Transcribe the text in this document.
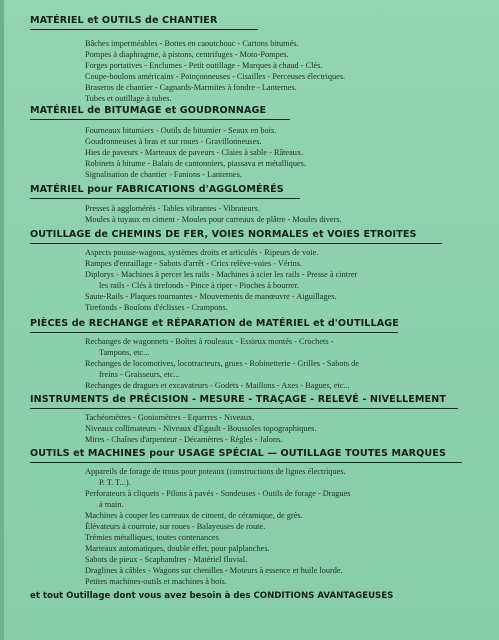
MATÉRIEL et OUTILS de CHANTIER
Bâches imperméables - Bottes en caoutchouc - Cartons bitumés.
Pompes à diaphragme, à pistons, centrifuges - Moto-Pompes.
Forges portatives - Enclumes - Petit outillage - Marques à chaud - Clés.
Coupe-boulons américains - Poinçonneuses - Cisailles - Perceuses électriques.
Braseros de chantier - Cagnards-Marmites à fondre - Lanternes.
Tubes et outillage à tubes.
MATÉRIEL de BITUMAGE et GOUDRONNAGE
Fourneaux bitumiers - Outils de bitumier - Seaux en bois.
Goudronneuses à bras et sur roues - Gravillonneuses.
Hies de paveurs - Marteaux de paveurs - Claies à sable - Râteaux.
Robinets à bitume - Balais de cantonniers, piassava et métalliques.
Signalisation de chantier - Fanions - Lanternes.
MATÉRIEL pour FABRICATIONS d'AGGLOMÉRÉS
Presses à agglomérés - Tables vibrantes - Vibrateurs.
Moules à tuyaux en ciment - Moules pour carreaux de plâtre - Moules divers.
OUTILLAGE de CHEMINS DE FER, VOIES NORMALES et VOIES ETROITES
Aspects pousse-wagons, systèmes droits et articulés - Ripeurs de voie.
Rampes d'enraillage - Sabots d'arrêt - Crics relève-voies - Vérins.
Diplorys - Machines à percer les rails - Machines à scier les rails - Presse à cintrer
les rails - Clés à tirefonds - Pince à riper - Pioches à bourrer.
Saute-Rails - Plaques tournantes - Mouvements de manœuvre - Aiguillages.
Tirefonds - Boulons d'éclisses - Crampons.
PIÈCES de RECHANGE et RÉPARATION de MATÉRIEL et d'OUTILLAGE
Rechanges de wagonnets - Boîtes à rouleaux - Essieux montés - Crochets -
Tampons, etc...
Rechanges de locomotives, locotracteurs, grues - Robinetterie - Grilles - Sabots de
freins - Graisseurs, etc...
Rechanges de dragues et excavateurs - Godets - Maillons - Axes - Bagues, etc...
INSTRUMENTS de PRÉCISION - MESURE - TRAÇAGE - RELEVÉ - NIVELLEMENT
Tachéomètres - Goniomètres - Equerres - Niveaux.
Niveaux collimateurs - Niveaux d'Egault - Boussoles topographiques.
Mires - Chaînes d'arpenteur - Décamètres - Règles - Jalons.
OUTILS et MACHINES pour USAGE SPÉCIAL — OUTILLAGE TOUTES MARQUES
Appareils de forage de trous pour poteaux (constructions de lignes électriques.
P. T. T...).
Perforateurs à cliquets - Pilons à pavés - Sondeuses - Outils de forage - Dragues
à main.
Machines à couper les carreaux de ciment, de céramique, de grès.
Élévateurs à courroie, sur roues - Balayeuses de route.
Trémies métalliques, toutes contenances
Marteaux automatiques, double effet, pour palplanches.
Sabots de pieux - Scaphandres - Matériel fluvial.
Draglines à câbles - Wagons sur chenilles - Moteurs à essence et huile lourde.
Petites machines-outils et machines à bois.

et tout Outillage dont vous avez besoin à des CONDITIONS AVANTAGEUSES
